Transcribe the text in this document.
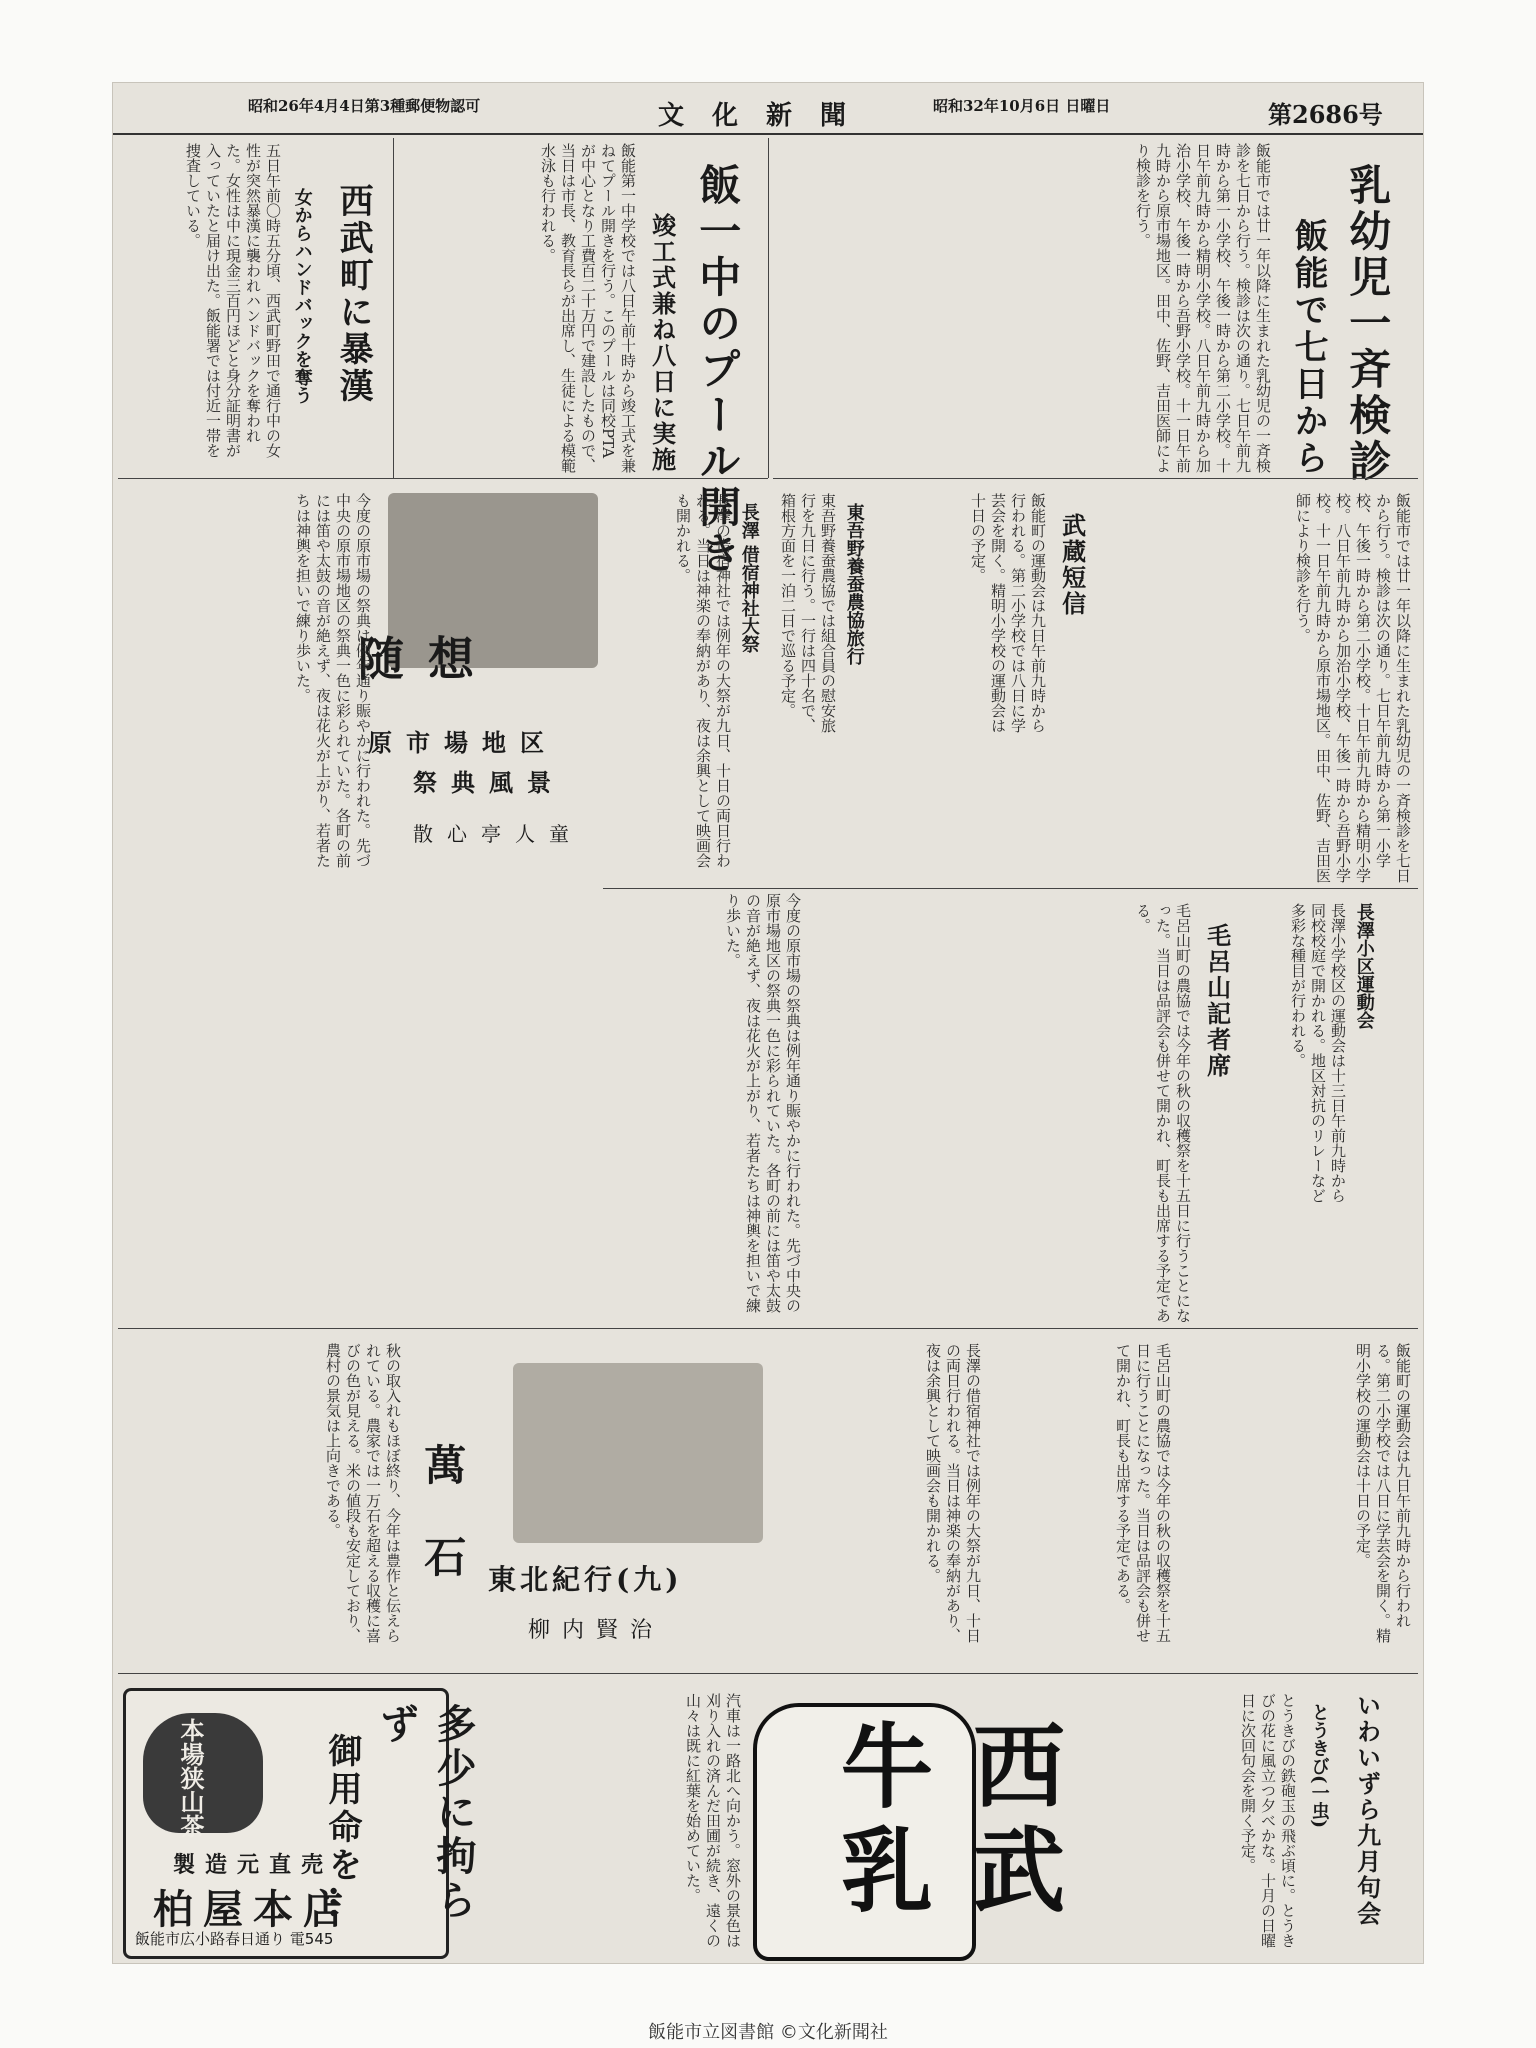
昭和26年4月4日第3種郵便物認可	文化新聞	昭和32年10月6日 日曜日	第2686号
乳幼児一斉検診
飯能で七日から
飯能市では廿一年以降に生まれた乳幼児の一斉検診を七日から行う。検診は次の通り。七日午前九時から第一小学校、午後一時から第二小学校。十日午前九時から精明小学校。八日午前九時から加治小学校、午後一時から吾野小学校。十一日午前九時から原市場地区。田中、佐野、吉田医師により検診を行う。
飯一中のプール開き
竣工式兼ね八日に実施
飯能第一中学校では八日午前十時から竣工式を兼ねてプール開きを行う。このプールは同校PTAが中心となり工費百二十万円で建設したもので、当日は市長、教育長らが出席し、生徒による模範水泳も行われる。
西武町に暴漢
女からハンドバックを奪う
五日午前〇時五分頃、西武町野田で通行中の女性が突然暴漢に襲われハンドバックを奪われた。女性は中に現金三百円ほどと身分証明書が入っていたと届け出た。飯能署では付近一帯を捜査している。
随想
原市場地区
祭典風景
散心亭人童
今度の原市場の祭典は例年通り賑やかに行われた。先づ中央の原市場地区の祭典一色に彩られていた。各町の前には笛や太鼓の音が絶えず、夜は花火が上がり、若者たちは神輿を担いで練り歩いた。	飯能市では廿一年以降に生まれた乳幼児の一斉検診を七日から行う。検診は次の通り。七日午前九時から第一小学校、午後一時から第二小学校。十日午前九時から精明小学校。八日午前九時から加治小学校、午後一時から吾野小学校。十一日午前九時から原市場地区。田中、佐野、吉田医師により検診を行う。
武蔵短信
飯能町の運動会は九日午前九時から行われる。第二小学校では八日に学芸会を開く。精明小学校の運動会は十日の予定。
東吾野養蚕農協旅行
東吾野養蚕農協では組合員の慰安旅行を九日に行う。一行は四十名で、箱根方面を一泊二日で巡る予定。
長澤 借宿神社大祭
長澤の借宿神社では例年の大祭が九日、十日の両日行われる。当日は神楽の奉納があり、夜は余興として映画会も開かれる。
長澤小区運動会
長澤小学校区の運動会は十三日午前九時から同校校庭で開かれる。地区対抗のリレーなど多彩な種目が行われる。
毛呂山記者席
毛呂山町の農協では今年の秋の収穫祭を十五日に行うことになった。当日は品評会も併せて開かれ、町長も出席する予定である。
今度の原市場の祭典は例年通り賑やかに行われた。先づ中央の原市場地区の祭典一色に彩られていた。各町の前には笛や太鼓の音が絶えず、夜は花火が上がり、若者たちは神輿を担いで練り歩いた。
飯能町の運動会は九日午前九時から行われる。第二小学校では八日に学芸会を開く。精明小学校の運動会は十日の予定。
毛呂山町の農協では今年の秋の収穫祭を十五日に行うことになった。当日は品評会も併せて開かれ、町長も出席する予定である。
長澤の借宿神社では例年の大祭が九日、十日の両日行われる。当日は神楽の奉納があり、夜は余興として映画会も開かれる。
東北紀行(九)
柳内賢治
萬石
秋の取入れもほぼ終り、今年は豊作と伝えられている。農家では一万石を超える収穫に喜びの色が見える。米の値段も安定しており、農村の景気は上向きである。
いわいずら九月句会
とうきび(一虫)
とうきびの鉄砲玉の飛ぶ頃に。とうきびの花に風立つ夕べかな。十月の日曜日に次回句会を開く予定。
西武牛乳
汽車は一路北へ向かう。窓外の景色は刈り入れの済んだ田圃が続き、遠くの山々は既に紅葉を始めていた。
本場狭山茶	多少に拘らず
御用命を…
製造元直売
柏屋本店
飯能市広小路春日通り 電545
飯能市立図書館 ©文化新聞社
